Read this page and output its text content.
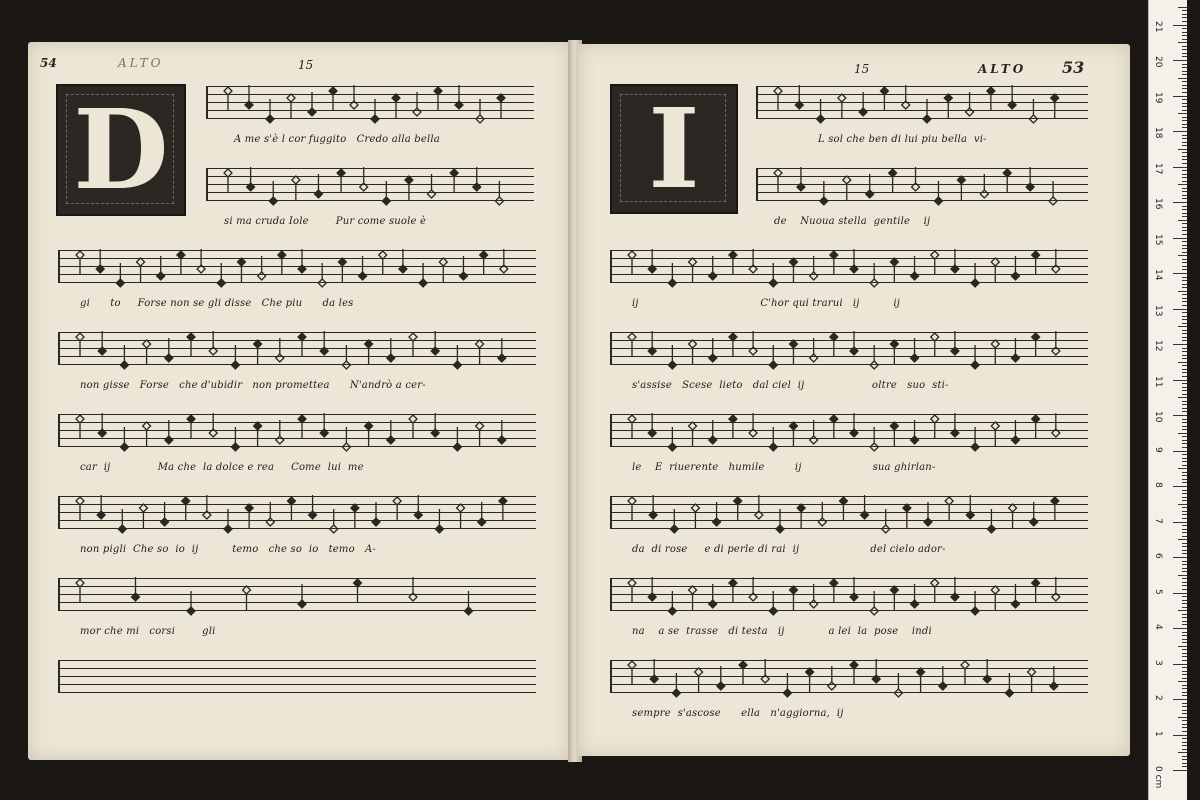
ALTO
54	15
D	A me s'è l cor fuggito   Credo alla bella
si ma cruda Iole        Pur come suole è
gi      to     Forse non se gli disse   Che piu      da les
non gisse   Forse   che d'ubidir   non promettea      N'andrò a cer-
car  ij              Ma che  la dolce e rea     Come  lui  me
non pigli  Che so  io  ij          temo   che so  io   temo   A-
mor che mi   corsi        gli
15	ALTO 53
I	L sol che ben di lui piu bella  vi-
de    Nuoua stella  gentile    ij
ij                                    C'hor qui trarui   ij          ij
s'assise   Scese  lieto   dal ciel  ij                    oltre   suo  sti-
le    E  riuerente   humile         ij                     sua ghirlan-
da  di rose     e di perle di rai  ij                     del cielo ador-
na    a se  trasse   di testa   ij             a lei  la  pose    indi
sempre  s'ascose      ella   n'aggiorna,  ij
0 cm
1
2
3
4
5
6
7
8
9
10
11
12
13
14
15
16
17
18
19
20
21
